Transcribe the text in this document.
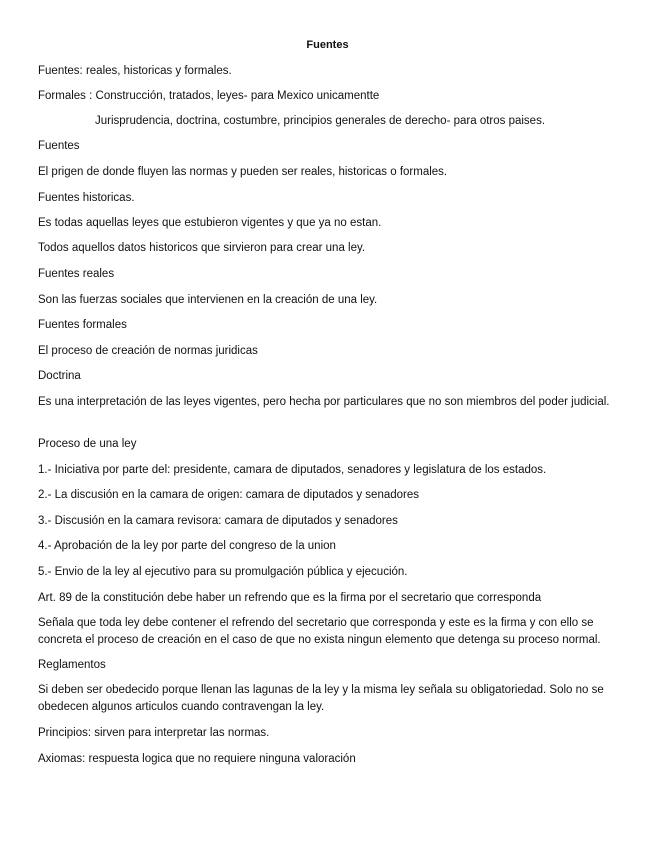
Fuentes
Fuentes: reales, historicas y formales.
Formales : Construcción, tratados, leyes- para Mexico unicamentte
Jurisprudencia, doctrina, costumbre, principios generales de derecho- para otros paises.
Fuentes
El prigen de donde fluyen las normas y pueden ser reales, historicas o formales.
Fuentes historicas.
Es todas aquellas leyes que estubieron vigentes y que ya no estan.
Todos aquellos datos historicos que sirvieron para crear una ley.
Fuentes reales
Son las fuerzas sociales que intervienen en la creación de una ley.
Fuentes formales
El proceso de creación de normas juridicas
Doctrina
Es una interpretación de las leyes vigentes, pero hecha por particulares que no son miembros del poder judicial.
Proceso de una ley
1.- Iniciativa por parte del: presidente, camara de diputados, senadores y legislatura de los estados.
2.- La discusión en la camara de origen: camara de diputados y senadores
3.- Discusión en la camara revisora: camara de diputados y senadores
4.- Aprobación de la ley por parte del congreso de la union
5.- Envio de la ley al ejecutivo para su promulgación pública y ejecución.
Art. 89 de la constitución debe haber un refrendo que es la firma por el secretario que corresponda
Señala que toda ley debe contener el refrendo del secretario que corresponda y este es la firma y con ello se concreta el proceso de creación en el caso de que no exista ningun elemento que detenga su proceso normal.
Reglamentos
Si deben ser obedecido porque llenan las lagunas de la ley y la misma ley señala su obligatoriedad. Solo no se obedecen algunos articulos cuando contravengan la ley.
Principios: sirven para interpretar las normas.
Axiomas: respuesta logica que no requiere ninguna valoración
